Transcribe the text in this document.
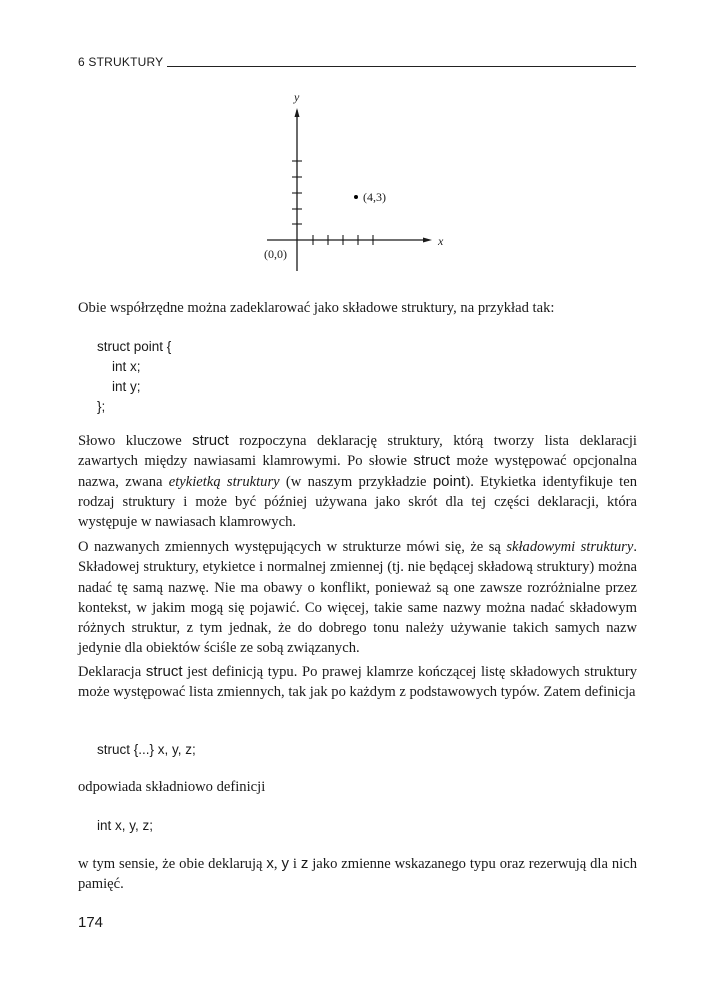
6 STRUKTURY
y
x
(4,3)
(0,0)

Obie współrzędne można zadeklarować jako składowe struktury, na przykład tak:

struct point {
int x;
int y;
};

Słowo kluczowe struct rozpoczyna deklarację struktury, którą tworzy lista deklaracji zawartych między nawiasami klamrowymi. Po słowie struct może występować opcjonalna nazwa, zwana etykietką struktury (w naszym przykładzie point). Etykietka identyfikuje ten rodzaj struktury i może być później używana jako skrót dla tej części deklaracji, która występuje w nawiasach klamrowych.

O nazwanych zmiennych występujących w strukturze mówi się, że są składowymi struktury. Składowej struktury, etykietce i normalnej zmiennej (tj. nie będącej składową struktury) można nadać tę samą nazwę. Nie ma obawy o konflikt, ponieważ są one zawsze rozróżnialne przez kontekst, w jakim mogą się pojawić. Co więcej, takie same nazwy można nadać składowym różnych struktur, z tym jednak, że do dobrego tonu należy używanie takich samych nazw jedynie dla obiektów ściśle ze sobą związanych.

Deklaracja struct jest definicją typu. Po prawej klamrze kończącej listę składowych struktury może występować lista zmiennych, tak jak po każdym z podstawowych typów. Zatem definicja

struct {...} x, y, z;

odpowiada składniowo definicji

int x, y, z;

w tym sensie, że obie deklarują x, y i z jako zmienne wskazanego typu oraz rezerwują dla nich pamięć.

174
